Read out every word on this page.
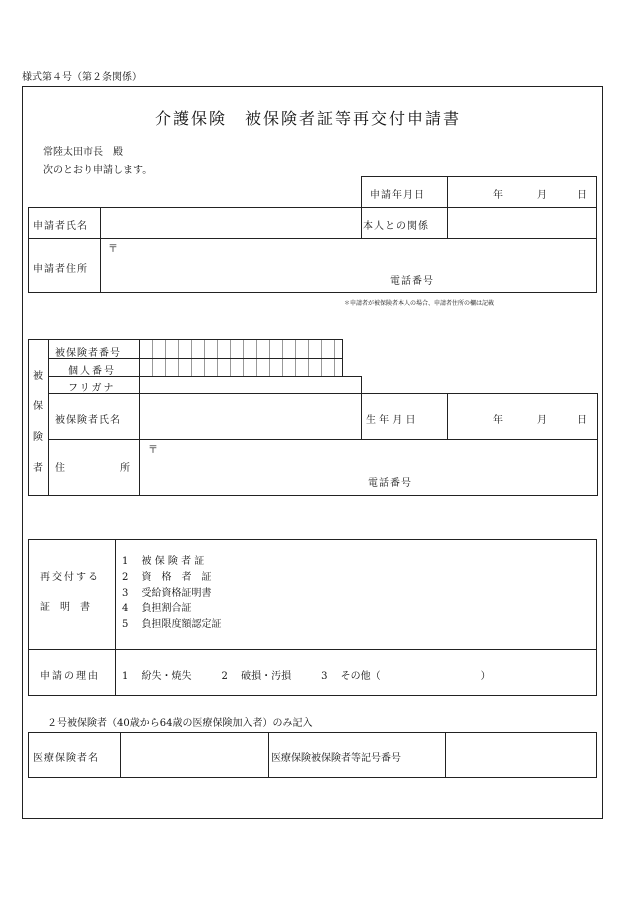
様式第４号（第２条関係）
介護保険　被保険者証等再交付申請書
常陸太田市長　殿
次のとおり申請します。
申請年月日	年	月	日
申請者氏名	本人との関係
申請者住所
〒
電話番号
＊申請者が被保険者本人の場合、申請者住所の欄は記載
被
保
険
者
被保険者番号
個人番号
フリガナ
被保険者氏名	生 年 月 日	年	月	日
住	所
〒
電話番号
再交付する
証　明　書
1　 被 保 険 者 証
2　 資　格　者　証
3　 受給資格証明書
4　 負担割合証
5　 負担限度額認定証
申請の理由 1　 紛失・焼失　　　2　 破損・汚損　　　3　 その他（　　　　　　　　　　）
２号被保険者（40歳から64歳の医療保険加入者）のみ記入
医療保険者名	医療保険被保険者等記号番号
